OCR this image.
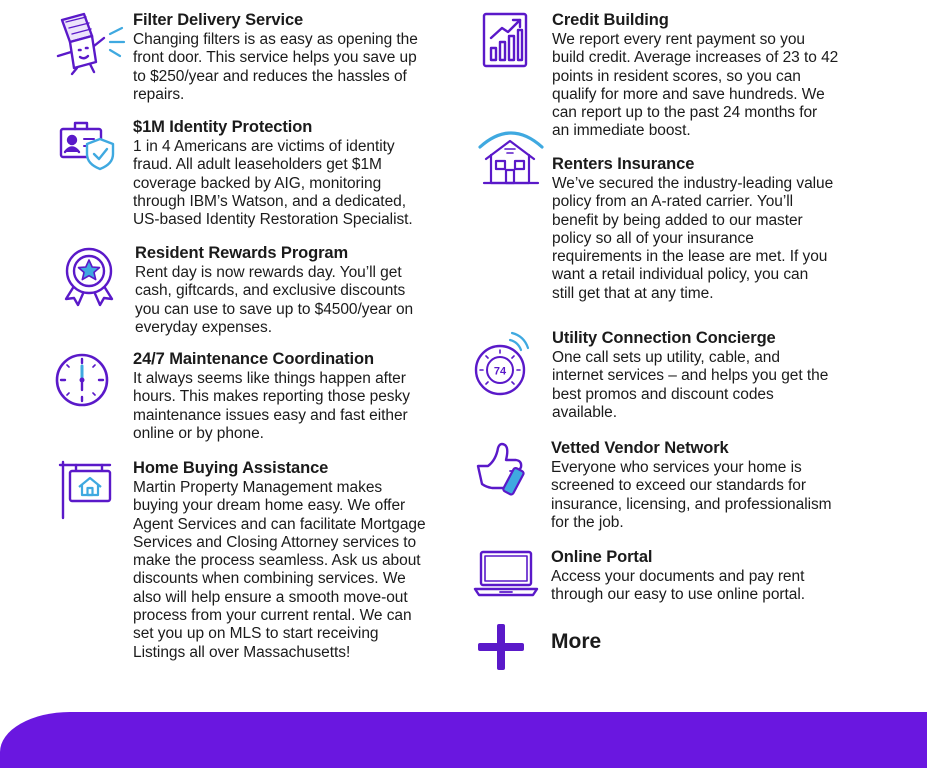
Filter Delivery Service

Changing filters is as easy as opening the
front door. This service helps you save up
to $250/year and reduces the hassles of
repairs.

$1M Identity Protection

1 in 4 Americans are victims of identity
fraud. All adult leaseholders get $1M
coverage backed by AIG, monitoring
through IBM’s Watson, and a dedicated,
US-based Identity Restoration Specialist.

Resident Rewards Program

Rent day is now rewards day. You’ll get
cash, giftcards, and exclusive discounts
you can use to save up to $4500/year on
everyday expenses.

24/7 Maintenance Coordination

It always seems like things happen after
hours. This makes reporting those pesky
maintenance issues easy and fast either
online or by phone.

Home Buying Assistance

Martin Property Management makes
buying your dream home easy. We offer
Agent Services and can facilitate Mortgage
Services and Closing Attorney services to
make the process seamless. Ask us about
discounts when combining services. We
also will help ensure a smooth move-out
process from your current rental. We can
set you up on MLS to start receiving
Listings all over Massachusetts!

Credit Building

We report every rent payment so you
build credit. Average increases of 23 to 42
points in resident scores, so you can
qualify for more and save hundreds. We
can report up to the past 24 months for
an immediate boost.

Renters Insurance

We’ve secured the industry-leading value
policy from an A-rated carrier. You’ll
benefit by being added to our master
policy so all of your insurance
requirements in the lease are met. If you
want a retail individual policy, you can
still get that at any time.

74
Utility Connection Concierge

One call sets up utility, cable, and
internet services – and helps you get the
best promos and discount codes
available.

Vetted Vendor Network

Everyone who services your home is
screened to exceed our standards for
insurance, licensing, and professionalism
for the job.

Online Portal

Access your documents and pay rent
through our easy to use online portal.

More
